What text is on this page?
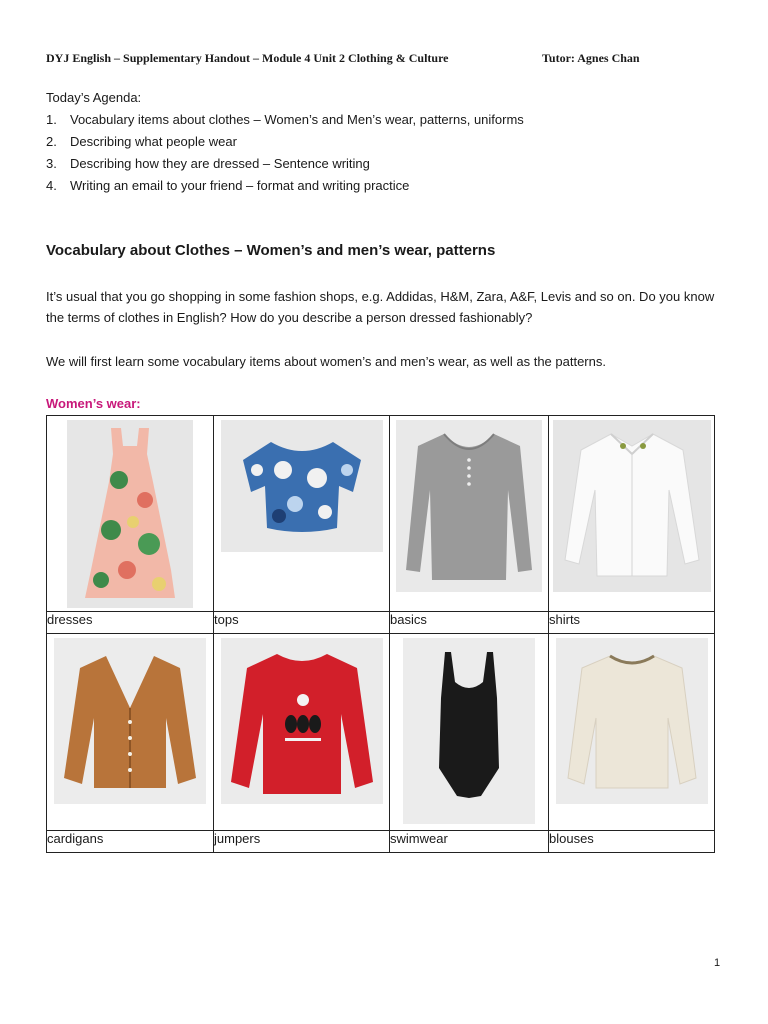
DYJ English – Supplementary Handout – Module 4 Unit 2 Clothing & Culture	Tutor: Agnes Chan
Today’s Agenda:
1. Vocabulary items about clothes – Women’s and Men’s wear, patterns, uniforms
2. Describing what people wear
3. Describing how they are dressed – Sentence writing
4. Writing an email to your friend – format and writing practice
Vocabulary about Clothes – Women’s and men’s wear, patterns
It’s usual that you go shopping in some fashion shops, e.g. Addidas, H&M, Zara, A&F, Levis and so on. Do you know the terms of clothes in English? How do you describe a person dressed fashionably?
We will first learn some vocabulary items about women’s and men’s wear, as well as the patterns.
Women’s wear:

dresses	tops	basics	shirts

cardigans	jumpers	swimwear	blouses
1
